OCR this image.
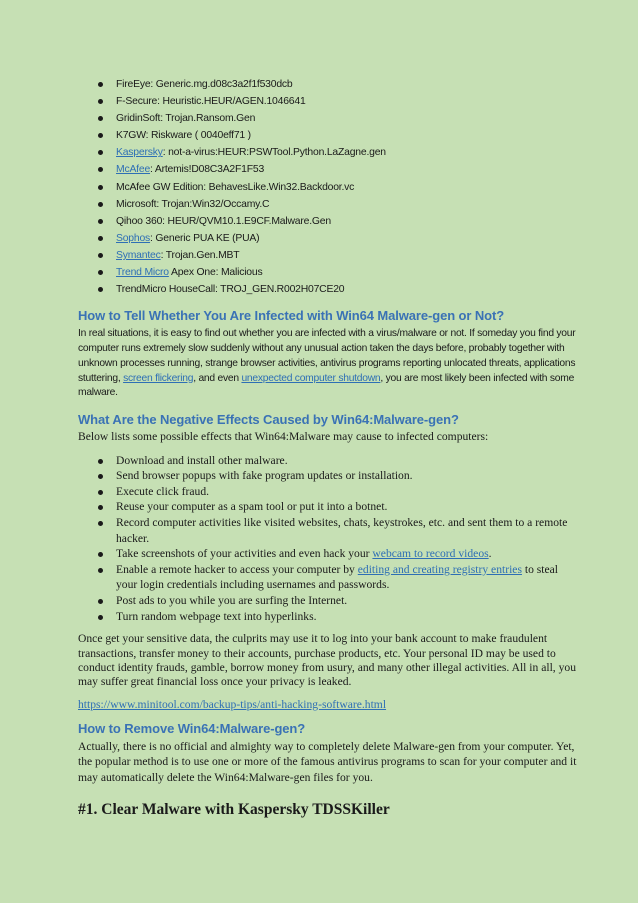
FireEye: Generic.mg.d08c3a2f1f530dcb
F-Secure: Heuristic.HEUR/AGEN.1046641
GridinSoft: Trojan.Ransom.Gen
K7GW: Riskware ( 0040eff71 )
Kaspersky: not-a-virus:HEUR:PSWTool.Python.LaZagne.gen
McAfee: Artemis!D08C3A2F1F53
McAfee GW Edition: BehavesLike.Win32.Backdoor.vc
Microsoft: Trojan:Win32/Occamy.C
Qihoo 360: HEUR/QVM10.1.E9CF.Malware.Gen
Sophos: Generic PUA KE (PUA)
Symantec: Trojan.Gen.MBT
Trend Micro Apex One: Malicious
TrendMicro HouseCall: TROJ_GEN.R002H07CE20
How to Tell Whether You Are Infected with Win64 Malware-gen or Not?

In real situations, it is easy to find out whether you are infected with a virus/malware or not. If someday you find your computer runs extremely slow suddenly without any unusual action taken the days before, probably together with unknown processes running, strange browser activities, antivirus programs reporting unlocated threats, applications stuttering, screen flickering, and even unexpected computer shutdown, you are most likely been infected with some malware.

What Are the Negative Effects Caused by Win64:Malware-gen?

Below lists some possible effects that Win64:Malware may cause to infected computers:

Download and install other malware.
Send browser popups with fake program updates or installation.
Execute click fraud.
Reuse your computer as a spam tool or put it into a botnet.
Record computer activities like visited websites, chats, keystrokes, etc. and sent them to a remote hacker.
Take screenshots of your activities and even hack your webcam to record videos.
Enable a remote hacker to access your computer by editing and creating registry entries to steal your login credentials including usernames and passwords.
Post ads to you while you are surfing the Internet.
Turn random webpage text into hyperlinks.

Once get your sensitive data, the culprits may use it to log into your bank account to make fraudulent transactions, transfer money to their accounts, purchase products, etc. Your personal ID may be used to conduct identity frauds, gamble, borrow money from usury, and many other illegal activities. All in all, you may suffer great financial loss once your privacy is leaked.

https://www.minitool.com/backup-tips/anti-hacking-software.html

How to Remove Win64:Malware-gen?

Actually, there is no official and almighty way to completely delete Malware-gen from your computer. Yet, the popular method is to use one or more of the famous antivirus programs to scan for your computer and it may automatically delete the Win64:Malware-gen files for you.

#1. Clear Malware with Kaspersky TDSSKiller
